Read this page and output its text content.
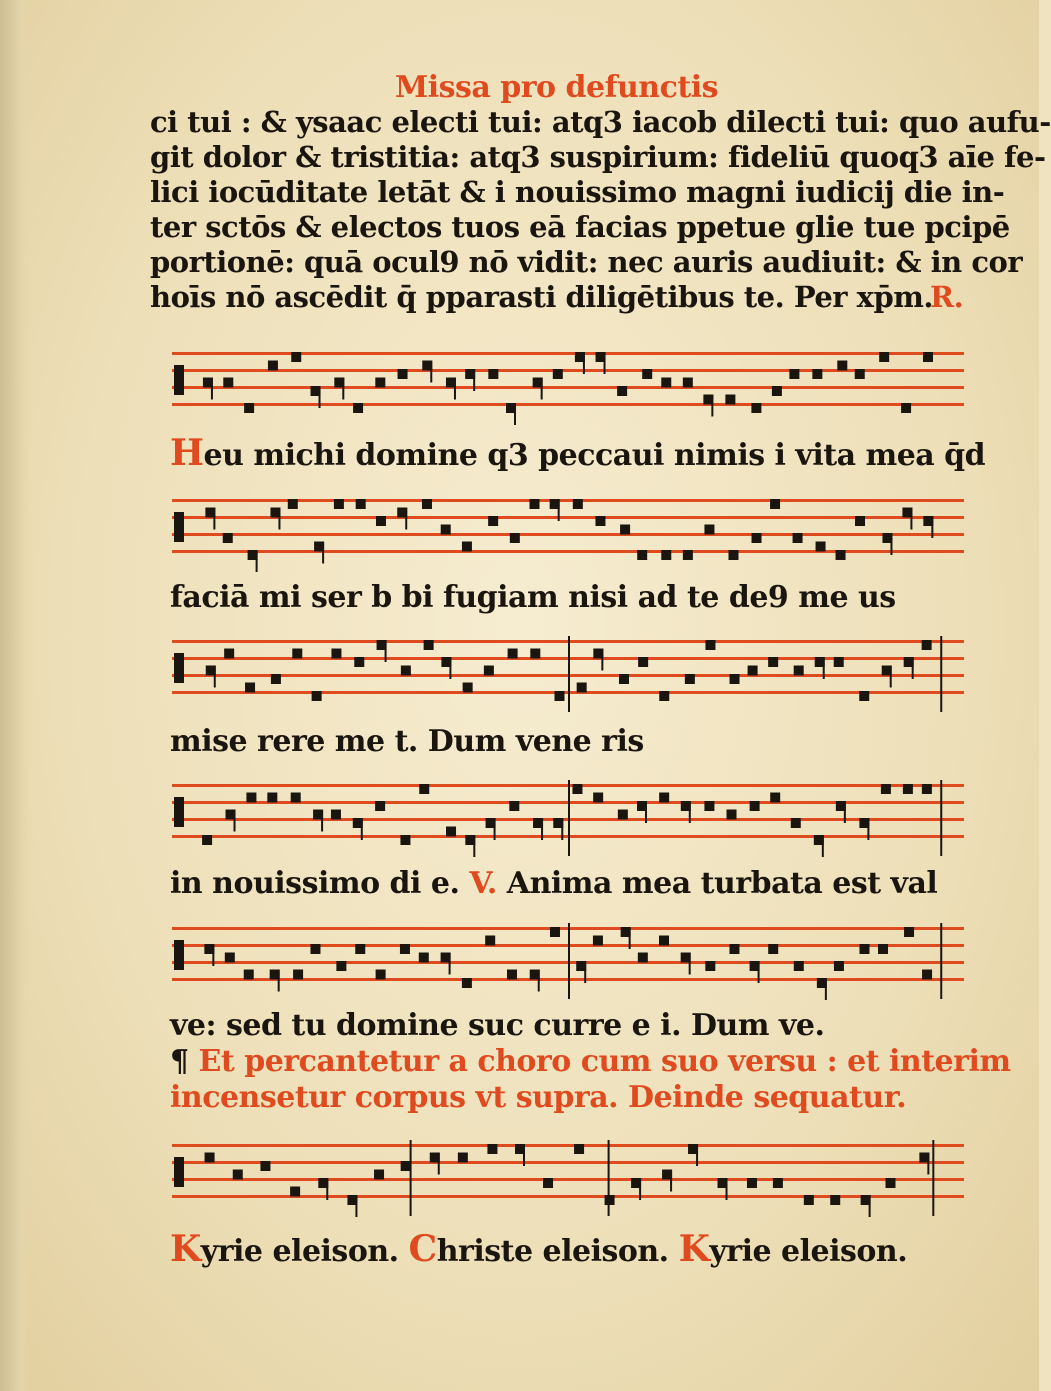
Missa pro defunctis
ci tui : & ysaac electi tui: atq3 iacob dilecti tui: quo aufu-
git dolor & tristitia: atq3 suspirium: fideliū quoq3 aīe fe-
lici iocūditate letāt & i nouissimo magni iudicij die in-
ter sctōs & electos tuos eā facias ppetue glie tue pcipē
portionē: quā ocul9 nō vidit: nec auris audiuit: & in cor
hoīs nō ascēdit q̄ pparasti diligētibus te. Per xp̄m.
R.
Heu michi domine q3 peccaui nimis i vita mea q̄d
faciā mi ser b bi fugiam nisi ad te de9 me us
mise rere me t. Dum vene ris
in nouissimo di e. V. Anima mea turbata est val
ve: sed tu domine suc curre e i. Dum ve.
¶ Et percantetur a choro cum suo versu : et interim
incensetur corpus vt supra. Deinde sequatur.
Kyrie eleison. Christe eleison. Kyrie eleison.
